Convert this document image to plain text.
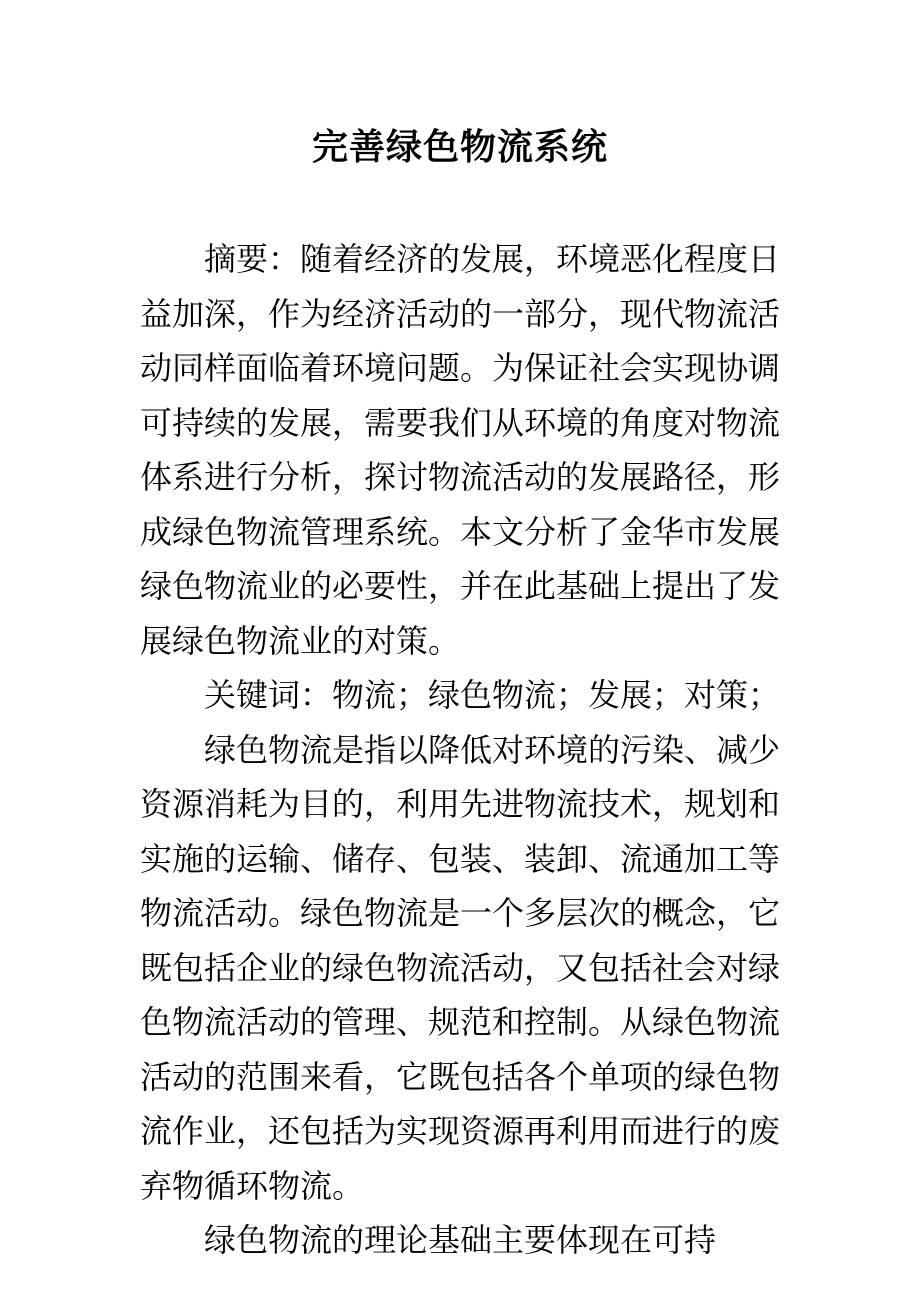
完善绿色物流系统

摘要：随着经济的发展，环境恶化程度日益加深，作为经济活动的一部分，现代物流活动同样面临着环境问题。为保证社会实现协调可持续的发展，需要我们从环境的角度对物流体系进行分析，探讨物流活动的发展路径，形成绿色物流管理系统。本文分析了金华市发展绿色物流业的必要性，并在此基础上提出了发展绿色物流业的对策。

关键词：物流；绿色物流；发展；对策；

绿色物流是指以降低对环境的污染、减少资源消耗为目的，利用先进物流技术，规划和实施的运输、储存、包装、装卸、流通加工等物流活动。绿色物流是一个多层次的概念，它既包括企业的绿色物流活动，又包括社会对绿色物流活动的管理、规范和控制。从绿色物流活动的范围来看，它既包括各个单项的绿色物流作业，还包括为实现资源再利用而进行的废弃物循环物流。

绿色物流的理论基础主要体现在可持
